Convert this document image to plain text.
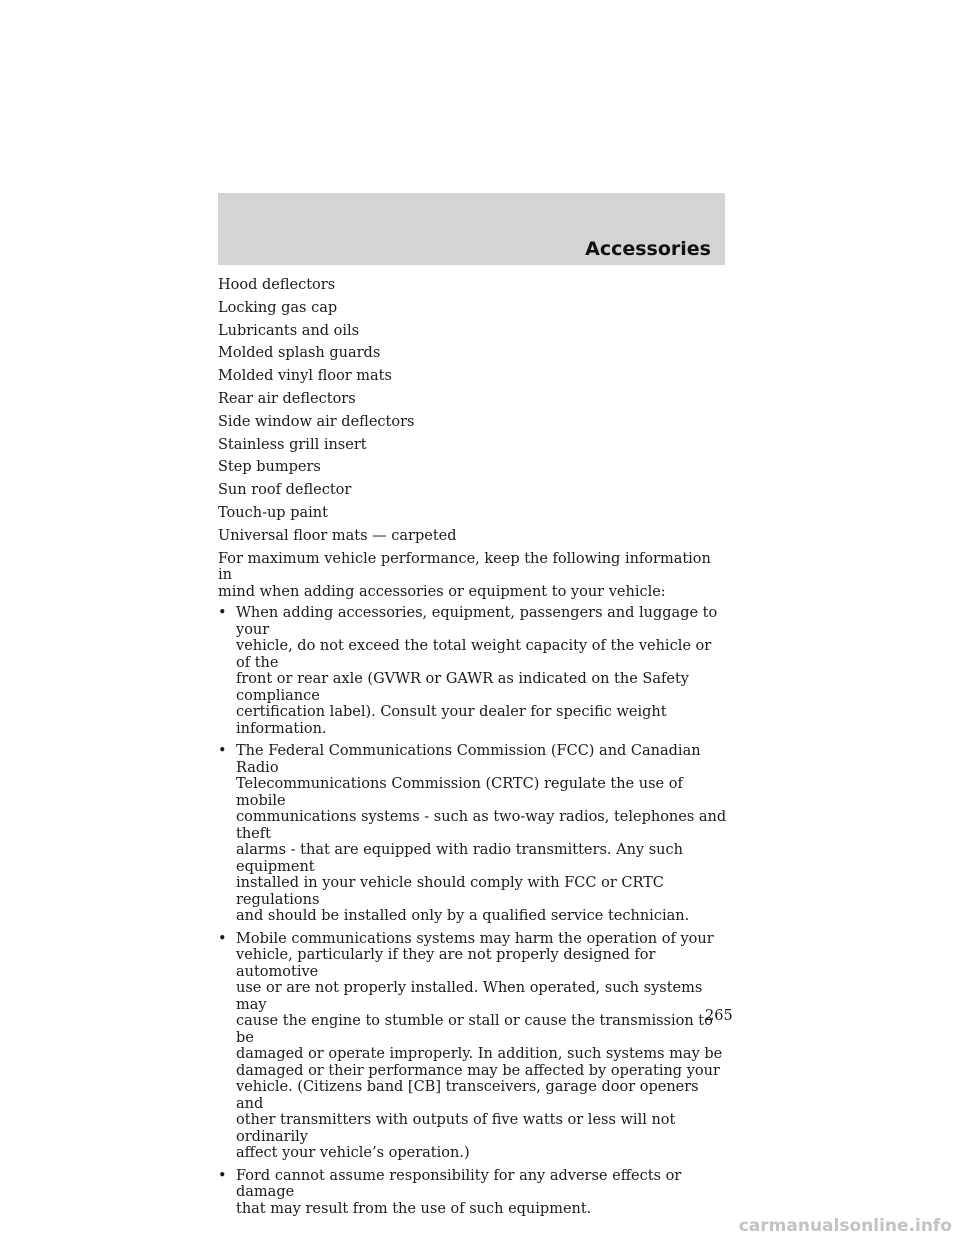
Accessories
Hood deflectors
Locking gas cap
Lubricants and oils
Molded splash guards
Molded vinyl floor mats
Rear air deflectors
Side window air deflectors
Stainless grill insert
Step bumpers
Sun roof deflector
Touch-up paint
Universal floor mats — carpeted
For maximum vehicle performance, keep the following information in
mind when adding accessories or equipment to your vehicle:
• When adding accessories, equipment, passengers and luggage to your
vehicle, do not exceed the total weight capacity of the vehicle or of the
front or rear axle (GVWR or GAWR as indicated on the Safety compliance
certification label). Consult your dealer for specific weight information.
• The Federal Communications Commission (FCC) and Canadian Radio
Telecommunications Commission (CRTC) regulate the use of mobile
communications systems - such as two-way radios, telephones and theft
alarms - that are equipped with radio transmitters. Any such equipment
installed in your vehicle should comply with FCC or CRTC regulations
and should be installed only by a qualified service technician.
• Mobile communications systems may harm the operation of your
vehicle, particularly if they are not properly designed for automotive
use or are not properly installed. When operated, such systems may
cause the engine to stumble or stall or cause the transmission to be
damaged or operate improperly. In addition, such systems may be
damaged or their performance may be affected by operating your
vehicle. (Citizens band [CB] transceivers, garage door openers and
other transmitters with outputs of five watts or less will not ordinarily
affect your vehicle’s operation.)
• Ford cannot assume responsibility for any adverse effects or damage
that may result from the use of such equipment.
265
carmanualsonline.info
